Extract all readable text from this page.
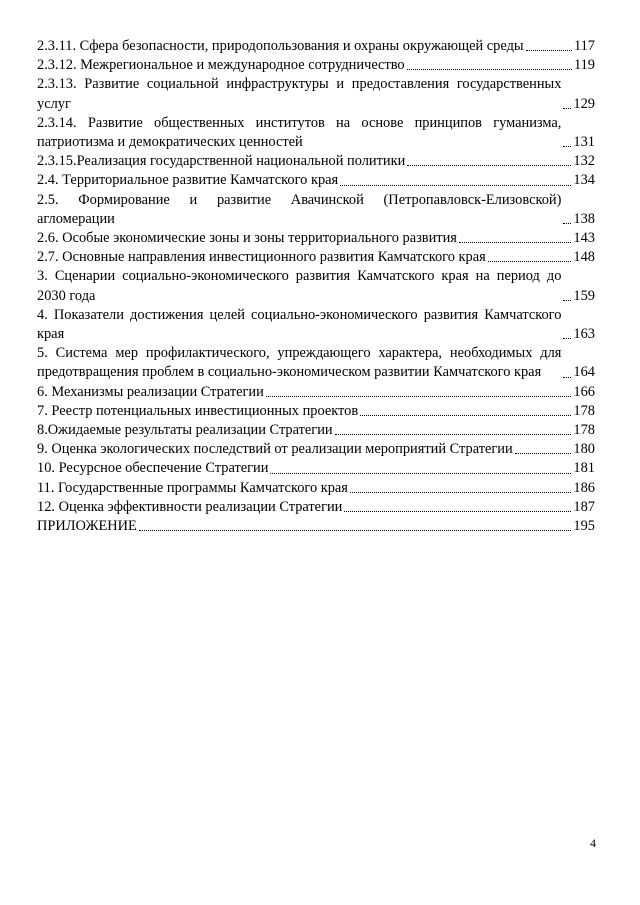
2.3.11. Сфера безопасности, природопользования и охраны окружающей среды	117
2.3.12. Межрегиональное и международное сотрудничество	119
2.3.13. Развитие социальной инфраструктуры и предоставления государственных услуг	129
2.3.14. Развитие общественных институтов на основе принципов гуманизма, патриотизма и демократических ценностей	131
2.3.15.Реализация государственной национальной политики	132
2.4. Территориальное развитие Камчатского края	134
2.5. Формирование и развитие Авачинской (Петропавловск-Елизовской) агломерации	138
2.6. Особые экономические зоны и зоны территориального развития	143
2.7. Основные направления инвестиционного развития Камчатского края	148
3. Сценарии социально-экономического развития Камчатского края на период до 2030 года	159
4. Показатели достижения целей социально-экономического развития Камчатского края	163
5. Система мер профилактического, упреждающего характера, необходимых для предотвращения проблем в социально-экономическом развитии Камчатского края	164
6. Механизмы реализации Стратегии	166
7. Реестр потенциальных инвестиционных проектов	178
8.Ожидаемые результаты реализации Стратегии	178
9. Оценка экологических последствий от реализации мероприятий Стратегии	180
10. Ресурсное обеспечение Стратегии	181
11. Государственные программы Камчатского края	186
12. Оценка эффективности реализации Стратегии	187
ПРИЛОЖЕНИЕ	195
4
